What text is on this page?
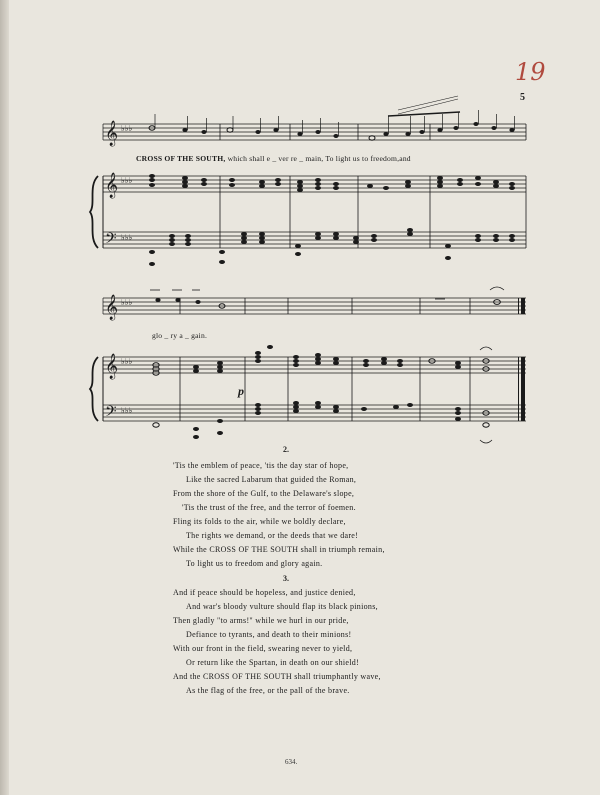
19
5
𝄞
𝄞
𝄢
𝄞
𝄞
𝄢
♭♭♭
♭♭♭
♭♭♭
♭♭♭
♭♭♭
♭♭♭
CROSS OF THE SOUTH, which shall e _ ver re _ main, To light us to freedom,and
glo _ ry a _ gain.
p
2.
'Tis the emblem of peace, 'tis the day star of hope,
Like the sacred Labarum that guided the Roman,
From the shore of the Gulf, to the Delaware's slope,
'Tis the trust of the free, and the terror of foemen.
Fling its folds to the air, while we boldly declare,
The rights we demand, or the deeds that we dare!
While the CROSS OF THE SOUTH shall in triumph remain,
To light us to freedom and glory again.
3.
And if peace should be hopeless, and justice denied,
And war's bloody vulture should flap its black pinions,
Then gladly "to arms!" while we hurl in our pride,
Defiance to tyrants, and death to their minions!
With our front in the field, swearing never to yield,
Or return like the Spartan, in death on our shield!
And the CROSS OF THE SOUTH shall triumphantly wave,
As the flag of the free, or the pall of the brave.
634.
